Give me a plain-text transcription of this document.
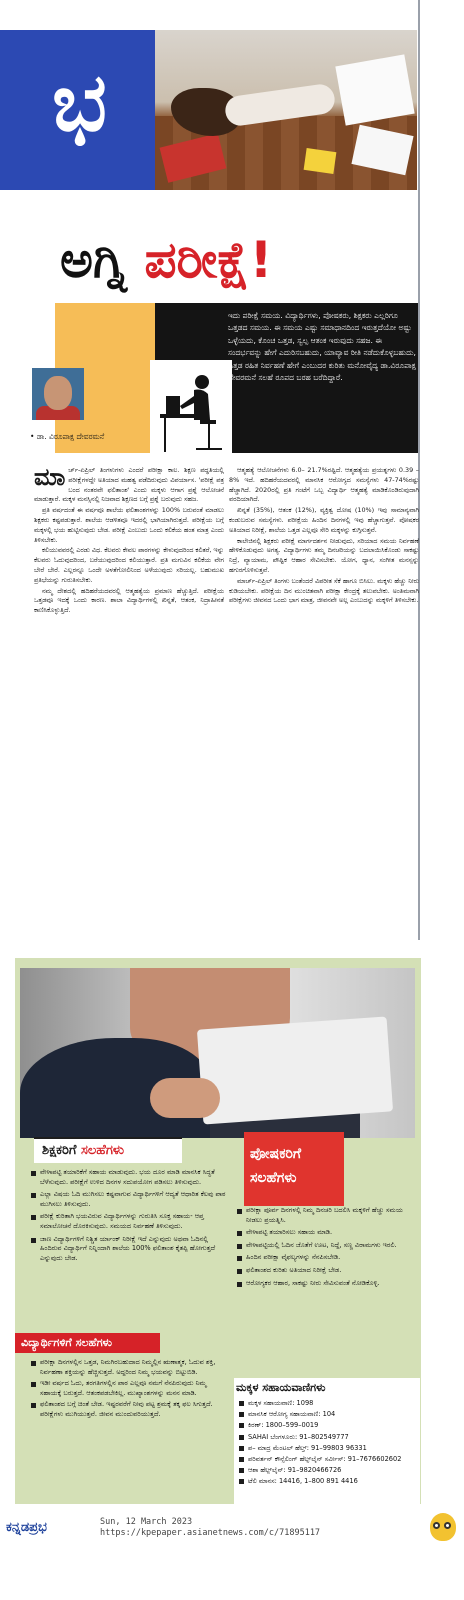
ಭ
ಅಗ್ನಿ ಪರೀಕ್ಷೆ!
ಇದು ಪರೀಕ್ಷೆ ಸಮಯ. ವಿದ್ಯಾರ್ಥಿಗಳು, ಪೋಷಕರು, ಶಿಕ್ಷಕರು ಎಲ್ಲರಿಗೂ ಒತ್ತಡದ ಸಮಯ. ಈ ಸಮಯ ಎಷ್ಟು ಸಮಾಧಾನದಿಂದ ಇರುತ್ತದೆಯೋ ಅಷ್ಟು ಒಳ್ಳೆಯದು, ಕೊಂಚ ಒತ್ತಡ, ಸ್ವಲ್ಪ ಆತಂಕ ಇರುವುದು ಸಹಜ. ಈ ಸಂದರ್ಭವನ್ನು ಹೇಗೆ ಎದುರಿಸಬಹುದು, ಯಾವ್ಯಾವ ರೀತಿ ನಡೆದುಕೊಳ್ಳಬಹುದು, ಒತ್ತಡ ರಹಿತ ನಿರ್ವಹಣೆ ಹೇಗೆ ಎಂಬುದರ ಕುರಿತು ಮನೋವೈದ್ಯ ಡಾ.ವಿರೂಪಾಕ್ಷ ದೇವರಮನೆ ಸಲಹೆ ರೂಪದ ಬರಹ ಬರೆದಿದ್ದಾರೆ.
• ಡಾ. ವಿರೂಪಾಕ್ಷ ದೇವರಮನೆ

ಮಾರ್ಚ್-ಏಪ್ರಿಲ್ ತಿಂಗಳುಗಳು ಎಂದರೆ ಪರೀಕ್ಷಾ ಕಾಲ. ಶಿಕ್ಷಣ ಪದ್ಧತಿಯಲ್ಲಿ ಪರೀಕ್ಷೆಗಳದ್ದೇ ಅತಿಯಾದ ಮಹತ್ವ ಪಡೆದಿರುವುದು ವಿಪರ್ಯಾಸ. 'ಪರೀಕ್ಷೆ ಪತ್ರ ಬಂದ ನಂತರವೇ ಫಲಿತಾಂಶ' ಎಂದು ಮಕ್ಕಳು ಆಗಾಗ ಪ್ರಶ್ನೆ ಆಲೋಚನೆ ಮಾಡುತ್ತಾರೆ. ಮಕ್ಕಳ ಮನಸ್ಸಿನಲ್ಲಿ ನಿಜವಾದ ಶಿಕ್ಷಣದ ಬಗ್ಗೆ ಪ್ರಶ್ನೆ ಬರುವುದು ಸಹಜ.

ಪ್ರತಿ ವರ್ಷದಂತೆ ಈ ವರ್ಷವೂ ಶಾಲೆಯ ಫಲಿತಾಂಶಗಳನ್ನು 100% ಬರುವಂತೆ ಮಾಡಲು ಶಿಕ್ಷಕರು ಕಷ್ಟಪಡುತ್ತಾರೆ. ಶಾಲೆಯ ಆಡಳಿತವೂ ಇದರಲ್ಲಿ ಭಾಗಿಯಾಗಿರುತ್ತದೆ. ಪರೀಕ್ಷೆಯ ಬಗ್ಗೆ ಮಕ್ಕಳಲ್ಲಿ ಭಯ ಹುಟ್ಟಿಸುವುದು ಬೇಡ. ಪರೀಕ್ಷೆ ಎಂಬುದು ಒಂದು ಕಲಿಕೆಯ ಹಂತ ಮಾತ್ರ ಎಂದು ತಿಳಿಸಬೇಕು.

ಕಲಿಯುವವರಲ್ಲಿ ಎರಡು ವಿಧ. ಕೆಲವರು ಕೇವಲ ಪಾಠಗಳನ್ನು ಕೇಳುವುದರಿಂದ ಕಲಿತರೆ, ಇನ್ನು ಕೆಲವರು ಓದುವುದರಿಂದ, ಬರೆಯುವುದರಿಂದ ಕಲಿಯುತ್ತಾರೆ. ಪ್ರತಿ ಮಗುವಿನ ಕಲಿಕೆಯ ವೇಗ ಬೇರೆ ಬೇರೆ. ಎಲ್ಲರನ್ನೂ ಒಂದೇ ಅಳತೆಗೋಲಿನಿಂದ ಅಳೆಯುವುದು ಸರಿಯಲ್ಲ. ಬಹುಮುಖ ಪ್ರತಿಭೆಯನ್ನು ಗುರುತಿಸಬೇಕು.

ನಮ್ಮ ದೇಶದಲ್ಲಿ ಹದಿಹರೆಯದವರಲ್ಲಿ ಆತ್ಮಹತ್ಯೆಯ ಪ್ರಮಾಣ ಹೆಚ್ಚುತ್ತಿದೆ. ಪರೀಕ್ಷೆಯ ಒತ್ತಡವೂ ಇದಕ್ಕೆ ಒಂದು ಕಾರಣ. ಶಾಲಾ ವಿದ್ಯಾರ್ಥಿಗಳಲ್ಲಿ ಖಿನ್ನತೆ, ಆತಂಕ, ನಿದ್ರಾಹೀನತೆ ಕಾಣಿಸಿಕೊಳ್ಳುತ್ತಿದೆ.

ಆತ್ಮಹತ್ಯೆ ಆಲೋಚನೆಗಳು 6.0– 21.7%ರಷ್ಟಿದೆ. ಆತ್ಮಹತ್ಯೆಯ ಪ್ರಯತ್ನಗಳು 0.39 – 8% ಇದೆ. ಹದಿಹರೆಯದವರಲ್ಲಿ ಮಾನಸಿಕ ಆರೋಗ್ಯದ ಸಮಸ್ಯೆಗಳು 47-74%ರಷ್ಟು ಹೆಚ್ಚಾಗಿದೆ. 2020ರಲ್ಲಿ ಪ್ರತಿ ಗಂಟೆಗೆ ಒಬ್ಬ ವಿದ್ಯಾರ್ಥಿ ಆತ್ಮಹತ್ಯೆ ಮಾಡಿಕೊಂಡಿರುವುದಾಗಿ ವರದಿಯಾಗಿದೆ.

ಖಿನ್ನತೆ (35%), ಆತಂಕ (12%), ವ್ಯಕ್ತಿತ್ವ ದೋಷ (10%) ಇವು ಸಾಮಾನ್ಯವಾಗಿ ಕಂಡುಬರುವ ಸಮಸ್ಯೆಗಳು. ಪರೀಕ್ಷೆಯ ಹಿಂದಿನ ದಿನಗಳಲ್ಲಿ ಇವು ಹೆಚ್ಚಾಗುತ್ತವೆ. ಪೋಷಕರ ಅತಿಯಾದ ನಿರೀಕ್ಷೆ, ಶಾಲೆಯ ಒತ್ತಡ ಎಲ್ಲವೂ ಸೇರಿ ಮಕ್ಕಳನ್ನು ಕುಗ್ಗಿಸುತ್ತವೆ.

ಕಾಲೇಜಿನಲ್ಲಿ ಶಿಕ್ಷಕರು ಪರೀಕ್ಷೆ ಮಾರ್ಗದರ್ಶನ ನೀಡುವುದು, ಸರಿಯಾದ ಸಮಯ ನಿರ್ವಹಣೆ ಹೇಳಿಕೊಡುವುದು ಅಗತ್ಯ. ವಿದ್ಯಾರ್ಥಿಗಳು ತಮ್ಮ ದಿನಚರಿಯನ್ನು ಬದಲಾಯಿಸಿಕೊಂಡು ಸಾಕಷ್ಟು ನಿದ್ರೆ, ವ್ಯಾಯಾಮ, ಪೌಷ್ಟಿಕ ಆಹಾರ ಸೇವಿಸಬೇಕು. ಯೋಗ, ಧ್ಯಾನ, ಸಂಗೀತ ಮನಸ್ಸನ್ನು ಹಗುರಗೊಳಿಸುತ್ತವೆ.

ಮಾರ್ಚ್-ಏಪ್ರಿಲ್ ತಿಂಗಳು ಬಂತೆಂದರೆ ವಿಪರೀತ ಸೆಕೆ ಹಾಗೂ ಬಿಸಿಲು. ಮಕ್ಕಳು ಹೆಚ್ಚು ನೀರು ಕುಡಿಯಬೇಕು. ಪರೀಕ್ಷೆಯ ದಿನ ಮುಂಚಿತವಾಗಿ ಪರೀಕ್ಷಾ ಕೇಂದ್ರಕ್ಕೆ ತಲುಪಬೇಕು. ಅಂತಿಮವಾಗಿ ಪರೀಕ್ಷೆಗಳು ಜೀವನದ ಒಂದು ಭಾಗ ಮಾತ್ರ, ಜೀವನವೇ ಅಲ್ಲ ಎಂಬುದನ್ನು ಮಕ್ಕಳಿಗೆ ತಿಳಿಸಬೇಕು.

ಶಿಕ್ಷಕರಿಗೆ ಸಲಹೆಗಳು
ವೇಳಾಪಟ್ಟಿ ತಯಾರಿಕೆಗೆ ಸಹಾಯ ಮಾಡುವುದು. ಭಯ ದೂರ ಮಾಡಿ ಮಾನಸಿಕ ಸಿದ್ಧತೆ ಬೆಳೆಸುವುದು. ಪರೀಕ್ಷೆಗೆ ಉಳಿದ ದಿನಗಳ ಸದುಪಯೋಗ ಪಡಿಸಲು ತಿಳಿಸುವುದು.
ಎಲ್ಲಾ ವಿಷಯ ಓದಿ ಮುಗಿಸಲು ಕಷ್ಟವಾಗುವ ವಿದ್ಯಾರ್ಥಿಗಳಿಗೆ ಆದ್ಯತೆ ಆಧಾರಿತ ಕೆಲವು ಪಾಠ ಮುಗಿಸಲು ತಿಳಿಸುವುದು.
ಪರೀಕ್ಷೆ ಕುರಿತಾಗಿ ಭಯವಿರುವ ವಿದ್ಯಾರ್ಥಿಗಳನ್ನು ಗುರುತಿಸಿ ಸೂಕ್ತ ಸಹಾಯ- ಆಪ್ತ ಸಮಾಲೋಚನೆ ದೊರಕಿಸುವುದು. ಸಮಯದ ನಿರ್ವಹಣೆ ತಿಳಿಸುವುದು.
ಜಾಣ ವಿದ್ಯಾರ್ಥಿಗಳಿಗೆ ನಿಶ್ಚಿತ ರ್ಯಾಂಕ್ ನಿರೀಕ್ಷೆ ಇದೆ ಎನ್ನುವುದು ಅಥವಾ ಓದಿನಲ್ಲಿ ಹಿಂದಿರುವ ವಿದ್ಯಾರ್ಥಿಗೆ ನಿನ್ನಿಂದಾಗಿ ಶಾಲೆಯ 100% ಫಲಿತಾಂಶ ಕೈತಪ್ಪಿ ಹೋಗುತ್ತದೆ ಎನ್ನುವುದು ಬೇಡ.
ವಿದ್ಯಾರ್ಥಿಗಳಿಗೆ ಸಲಹೆಗಳು
ಪರೀಕ್ಷಾ ದಿನಗಳಲ್ಲಿನ ಒತ್ತಡ, ನಿಮಗಿರಬಹುದಾದ ನಿಮ್ಮಲ್ಲಿನ ಋಣಾತ್ಮಕ, ಓದುವ ಶಕ್ತಿ, ನಿರ್ವಹಣಾ ಶಕ್ತಿಯನ್ನು ಹೆಚ್ಚಿಸುತ್ತದೆ. ಅದ್ದರಿಂದ ನಿಮ್ಮ ಭಯವನ್ನು ಬಿಟ್ಟುಬಿಡಿ.
ಇಡೀ ವರ್ಷದ ಓದು, ತರಗತಿಗಳಲ್ಲಿನ ಪಾಠ ಎಲ್ಲವೂ ನಮಗೆ ನೆನಪಿರುವುದು ನಿಮ್ಮ ಸಹಾಯಕ್ಕೆ ಬರುತ್ತದೆ. ಆತಂಕಪಡಬೇಕಿಲ್ಲ. ಮುಖ್ಯಾಂಶಗಳನ್ನು ಮನನ ಮಾಡಿ.
ಫಲಿತಾಂಶದ ಬಗ್ಗೆ ಚಿಂತೆ ಬೇಡ. ಇಷ್ಟರವರೆಗೆ ನೀವು ಪಟ್ಟ ಶ್ರಮಕ್ಕೆ ತಕ್ಕ ಫಲ ಸಿಗುತ್ತದೆ. ಪರೀಕ್ಷೆಗಳು ಮುಗಿಯುತ್ತವೆ. ಜೀವನ ಮುಂದುವರಿಯುತ್ತದೆ.
ಪೋಷಕರಿಗೆ
ಸಲಹೆಗಳು
ಪರೀಕ್ಷಾ ಪೂರ್ವ ದಿನಗಳಲ್ಲಿ ನಿಮ್ಮ ದಿನಚರಿ ಬದಲಿಸಿ ಮಕ್ಕಳಿಗೆ ಹೆಚ್ಚು ಸಮಯ ನೀಡಲು ಪ್ರಯತ್ನಿಸಿ.
ವೇಳಾಪಟ್ಟಿ ತಯಾರಿಸಲು ಸಹಾಯ ಮಾಡಿ.
ವೇಳಾಪಟ್ಟಿಯಲ್ಲಿ ಓದಿನ ಜೊತೆಗೆ ಊಟ, ನಿದ್ದೆ, ಸಣ್ಣ ವಿರಾಮಗಳು ಇರಲಿ.
ಹಿಂದಿನ ಪರೀಕ್ಷಾ ವೈಫಲ್ಯಗಳನ್ನು ನೆನಪಿಸಬೇಡಿ.
ಫಲಿತಾಂಶದ ಕುರಿತು ಅತಿಯಾದ ನಿರೀಕ್ಷೆ ಬೇಡ.
ಆರೋಗ್ಯಕರ ಆಹಾರ, ಸಾಕಷ್ಟು ನೀರು ಸೇವಿಸುವಂತೆ ನೋಡಿಕೊಳ್ಳಿ.
ಮಕ್ಕಳ ಸಹಾಯವಾಣಿಗಳು
ಮಕ್ಕಳ ಸಹಾಯವಾಣಿ: 1098
ಮಾನಸಿಕ ಆರೋಗ್ಯ ಸಹಾಯವಾಣಿ: 104
ಕಿರಣ್: 1800–599–0019
SAHAI ಬೆಂಗಳೂರು: 91–802549777
ಪ– ಮಾದ್ರ ಮೆಂಟಲ್ ಹೆಲ್ತ್: 91–99803 96331
ಪರಿವರ್ತನ್ ಕೌನ್ಸೆಲಿಂಗ್ ಹೆಲ್ಪ್‌ಲೈನ್ ಸರ್ವೀಸ್: 91–7676602602
ಆಶಾ ಹೆಲ್ಪ್‌ಲೈನ್: 91–9820466726
ಟೆಲಿ ಮಾನಸ: 14416, 1–800 891 4416
ಕನ್ನಡಪ್ರಭ	Sun, 12 March 2023
https://kpepaper.asianetnews.com/c/71895117
